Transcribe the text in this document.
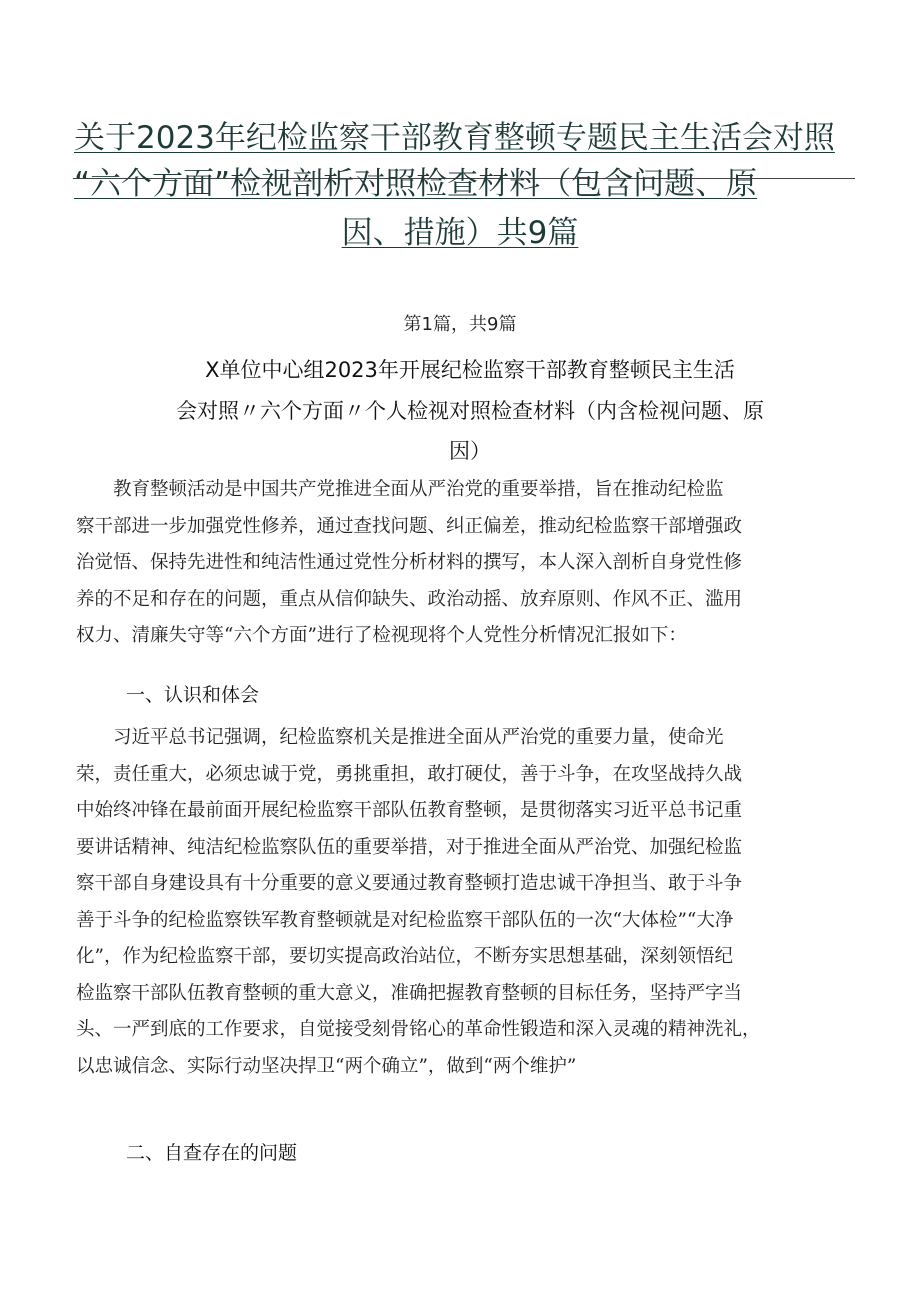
关于2023年纪检监察干部教育整顿专题民主生活会对照
“六个方面”检视剖析对照检查材料（包含问题、原
因、措施）共9篇
第1篇，共9篇
X单位中心组2023年开展纪检监察干部教育整顿民主生活
会对照〃六个方面〃个人检视对照检查材料（内含检视问题、原
因）
　　教育整顿活动是中国共产党推进全面从严治党的重要举措，旨在推动纪检监
察干部进一步加强党性修养，通过查找问题、纠正偏差，推动纪检监察干部增强政
治觉悟、保持先进性和纯洁性通过党性分析材料的撰写，本人深入剖析自身党性修
养的不足和存在的问题，重点从信仰缺失、政治动摇、放弃原则、作风不正、滥用
权力、清廉失守等“六个方面”进行了检视现将个人党性分析情况汇报如下：
一、认识和体会
　　习近平总书记强调，纪检监察机关是推进全面从严治党的重要力量，使命光
荣，责任重大，必须忠诚于党，勇挑重担，敢打硬仗，善于斗争，在攻坚战持久战
中始终冲锋在最前面开展纪检监察干部队伍教育整顿，是贯彻落实习近平总书记重
要讲话精神、纯洁纪检监察队伍的重要举措，对于推进全面从严治党、加强纪检监
察干部自身建设具有十分重要的意义要通过教育整顿打造忠诚干净担当、敢于斗争
善于斗争的纪检监察铁军教育整顿就是对纪检监察干部队伍的一次“大体检”“大净
化”，作为纪检监察干部，要切实提高政治站位，不断夯实思想基础，深刻领悟纪
检监察干部队伍教育整顿的重大意义，准确把握教育整顿的目标任务，坚持严字当
头、一严到底的工作要求，自觉接受刻骨铭心的革命性锻造和深入灵魂的精神洗礼，
以忠诚信念、实际行动坚决捍卫“两个确立”，做到“两个维护”
二、自查存在的问题
